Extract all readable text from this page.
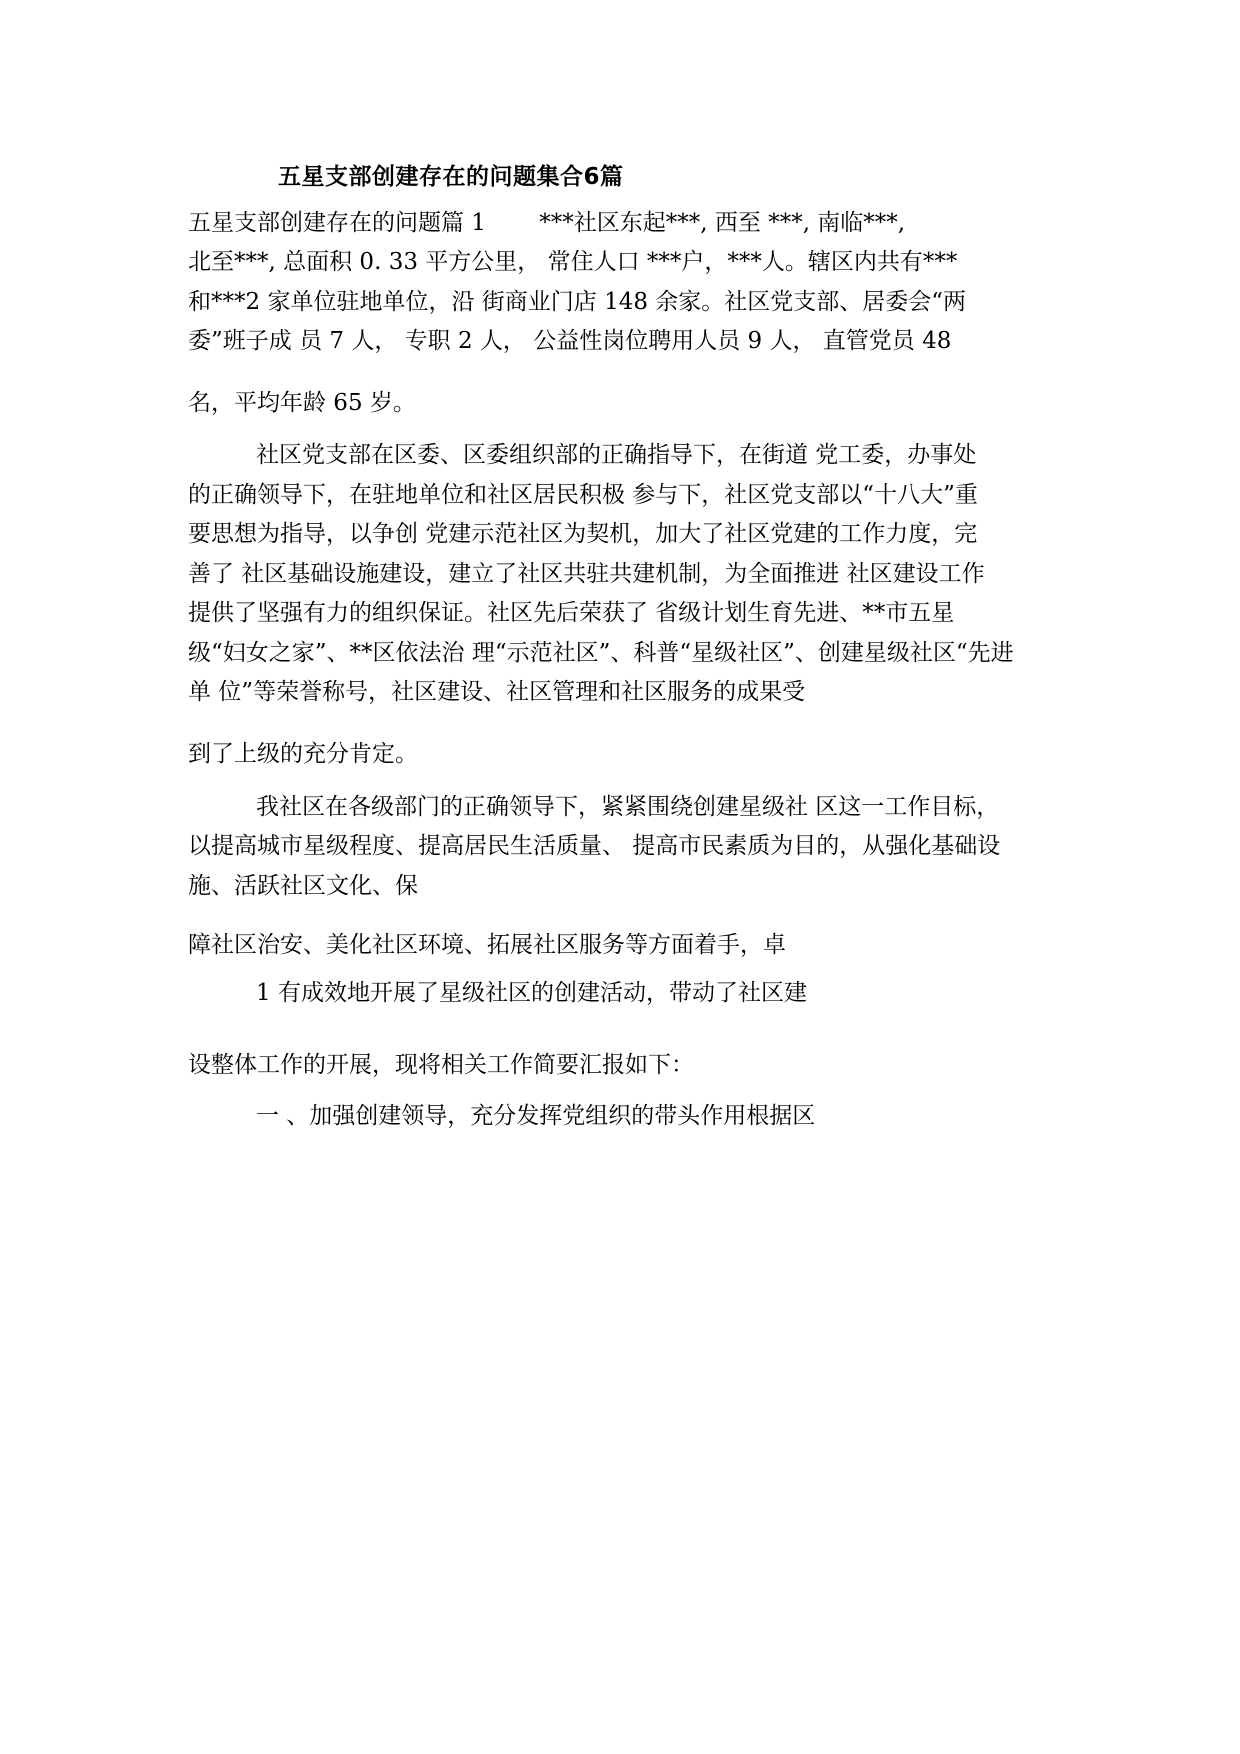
五星支部创建存在的问题集合6篇
五星支部创建存在的问题篇 1　　 ***社区东起***, 西至 ***, 南临***,
北至***, 总面积 0. 33 平方公里， 常住人口 ***户，***人。辖区内共有***
和***2 家单位驻地单位，沿 街商业门店 148 余家。社区党支部、居委会“两
委”班子成 员 7 人， 专职 2 人， 公益性岗位聘用人员 9 人， 直管党员 48
名，平均年龄 65 岁。
社区党支部在区委、区委组织部的正确指导下，在街道 党工委，办事处
的正确领导下，在驻地单位和社区居民积极 参与下，社区党支部以“十八大”重
要思想为指导，以争创 党建示范社区为契机，加大了社区党建的工作力度，完
善了 社区基础设施建设，建立了社区共驻共建机制，为全面推进 社区建设工作
提供了坚强有力的组织保证。社区先后荣获了 省级计划生育先进、**市五星
级“妇女之家”、**区依法治 理“示范社区”、科普“星级社区”、创建星级社区“先进
单 位”等荣誉称号，社区建设、社区管理和社区服务的成果受
到了上级的充分肯定。
我社区在各级部门的正确领导下，紧紧围绕创建星级社 区这一工作目标，
以提高城市星级程度、提高居民生活质量、 提高市民素质为目的，从强化基础设
施、活跃社区文化、保
障社区治安、美化社区环境、拓展社区服务等方面着手，卓
1 有成效地开展了星级社区的创建活动，带动了社区建
设整体工作的开展，现将相关工作简要汇报如下：
一 、加强创建领导，充分发挥党组织的带头作用根据区
